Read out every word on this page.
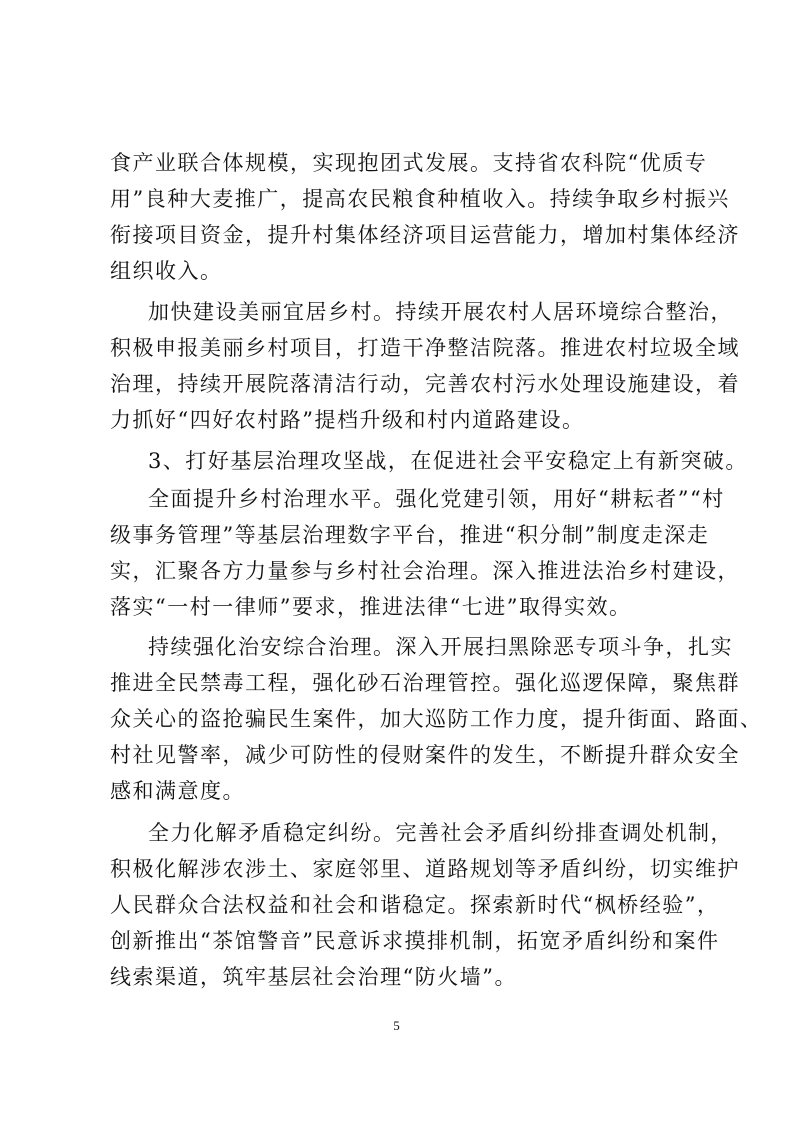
食产业联合体规模，实现抱团式发展。支持省农科院“优质专
用”良种大麦推广，提高农民粮食种植收入。持续争取乡村振兴
衔接项目资金，提升村集体经济项目运营能力，增加村集体经济
组织收入。
加快建设美丽宜居乡村。持续开展农村人居环境综合整治，
积极申报美丽乡村项目，打造干净整洁院落。推进农村垃圾全域
治理，持续开展院落清洁行动，完善农村污水处理设施建设，着
力抓好“四好农村路”提档升级和村内道路建设。
3、打好基层治理攻坚战，在促进社会平安稳定上有新突破。
全面提升乡村治理水平。强化党建引领，用好“耕耘者”“村
级事务管理”等基层治理数字平台，推进“积分制”制度走深走
实，汇聚各方力量参与乡村社会治理。深入推进法治乡村建设，
落实“一村一律师”要求，推进法律“七进”取得实效。
持续强化治安综合治理。深入开展扫黑除恶专项斗争，扎实
推进全民禁毒工程，强化砂石治理管控。强化巡逻保障，聚焦群
众关心的盗抢骗民生案件，加大巡防工作力度，提升街面、路面、
村社见警率，减少可防性的侵财案件的发生，不断提升群众安全
感和满意度。
全力化解矛盾稳定纠纷。完善社会矛盾纠纷排查调处机制，
积极化解涉农涉土、家庭邻里、道路规划等矛盾纠纷，切实维护
人民群众合法权益和社会和谐稳定。探索新时代“枫桥经验”，
创新推出“茶馆警音”民意诉求摸排机制，拓宽矛盾纠纷和案件
线索渠道，筑牢基层社会治理“防火墙”。
5
